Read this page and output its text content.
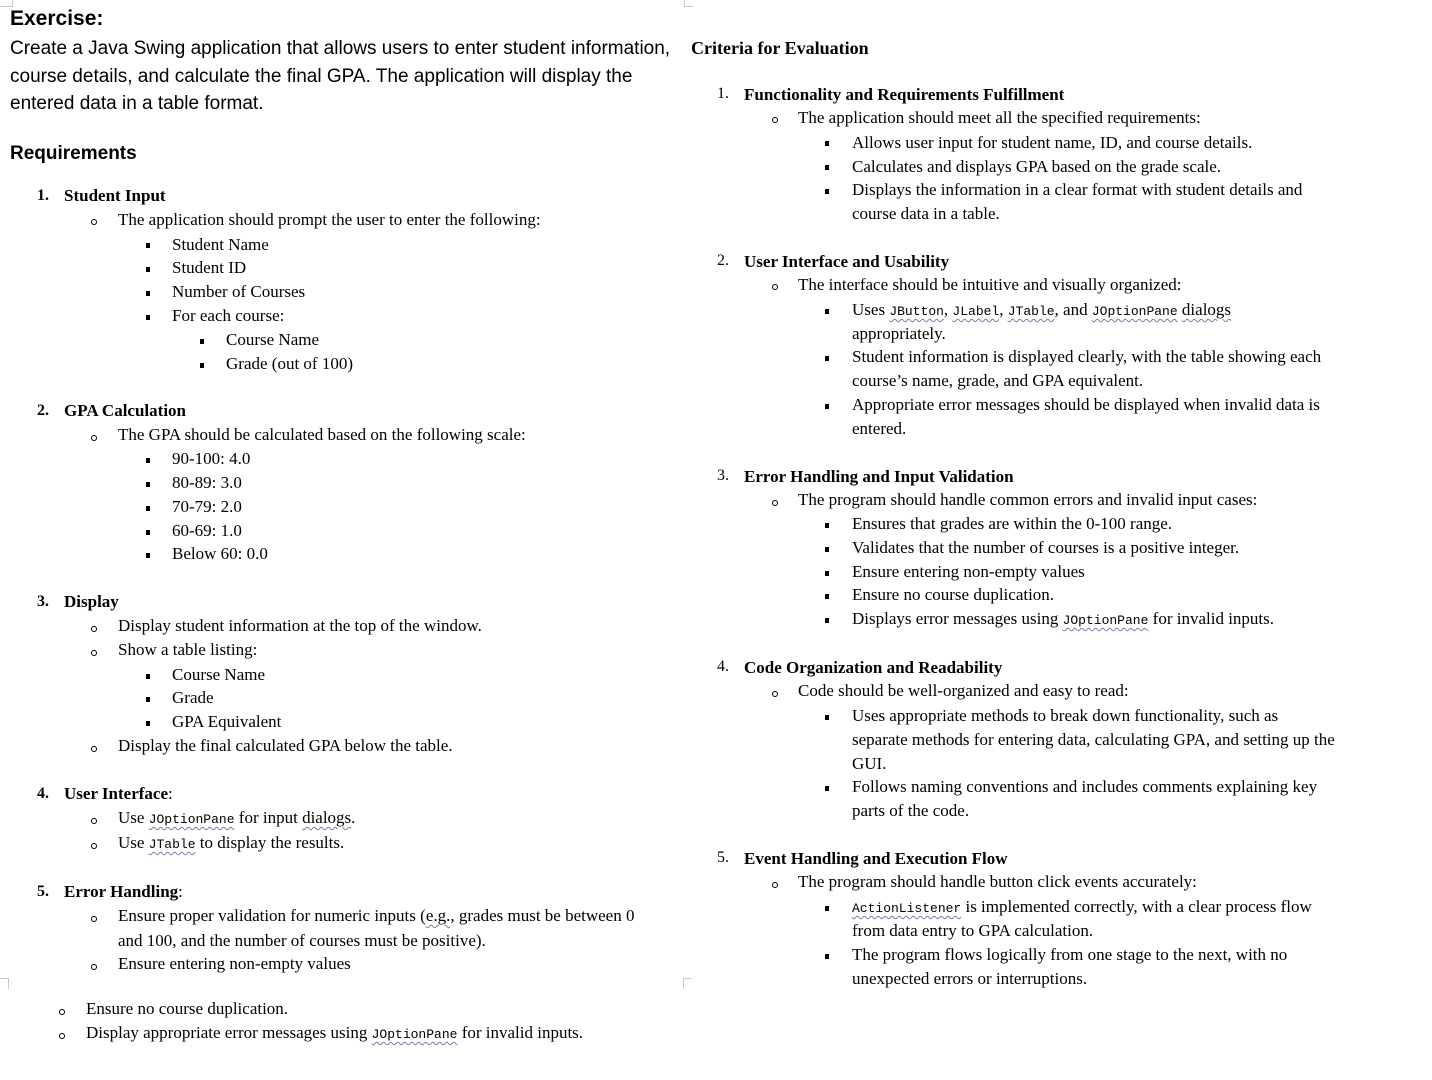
Exercise:
Create a Java Swing application that allows users to enter student information,
course details, and calculate the final GPA. The application will display the
entered data in a table format.
Requirements
1. Student Input
The application should prompt the user to enter the following:
Student Name
Student ID
Number of Courses
For each course:
Course Name
Grade (out of 100)
2. GPA Calculation
The GPA should be calculated based on the following scale:
90-100: 4.0
80-89: 3.0
70-79: 2.0
60-69: 1.0
Below 60: 0.0
3. Display
Display student information at the top of the window.
Show a table listing:
Course Name
Grade
GPA Equivalent
Display the final calculated GPA below the table.
4. User Interface:
Use JOptionPane for input dialogs.
Use JTable to display the results.
5. Error Handling:
Ensure proper validation for numeric inputs (e.g., grades must be between 0
and 100, and the number of courses must be positive).
Ensure entering non-empty values
Ensure no course duplication.
Display appropriate error messages using JOptionPane for invalid inputs.
Criteria for Evaluation
1. Functionality and Requirements Fulfillment
The application should meet all the specified requirements:
Allows user input for student name, ID, and course details.
Calculates and displays GPA based on the grade scale.
Displays the information in a clear format with student details and
course data in a table.
2. User Interface and Usability
The interface should be intuitive and visually organized:
Uses JButton, JLabel, JTable, and JOptionPane dialogs
appropriately.
Student information is displayed clearly, with the table showing each
course’s name, grade, and GPA equivalent.
Appropriate error messages should be displayed when invalid data is
entered.
3. Error Handling and Input Validation
The program should handle common errors and invalid input cases:
Ensures that grades are within the 0-100 range.
Validates that the number of courses is a positive integer.
Ensure entering non-empty values
Ensure no course duplication.
Displays error messages using JOptionPane for invalid inputs.
4. Code Organization and Readability
Code should be well-organized and easy to read:
Uses appropriate methods to break down functionality, such as
separate methods for entering data, calculating GPA, and setting up the
GUI.
Follows naming conventions and includes comments explaining key
parts of the code.
5. Event Handling and Execution Flow
The program should handle button click events accurately:
ActionListener is implemented correctly, with a clear process flow
from data entry to GPA calculation.
The program flows logically from one stage to the next, with no
unexpected errors or interruptions.
